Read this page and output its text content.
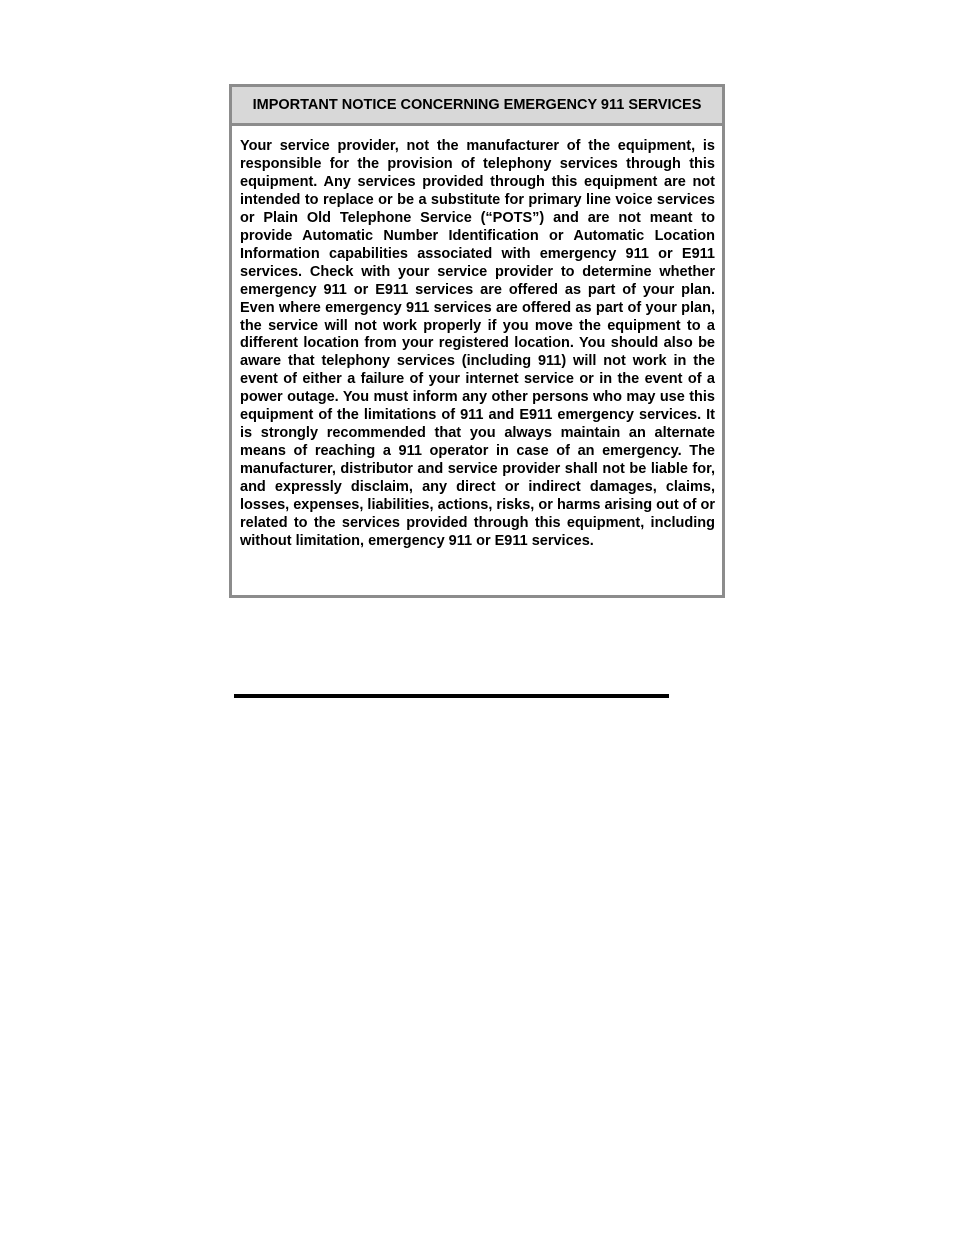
IMPORTANT NOTICE CONCERNING EMERGENCY 911 SERVICES

Your service provider, not the manufacturer of the equipment, is responsible for the provision of telephony services through this equipment. Any services provided through this equipment are not intended to replace or be a substitute for primary line voice services or Plain Old Telephone Service (“POTS”) and are not meant to provide Automatic Number Identification or Automatic Location Information capabilities associated with emergency 911 or E911 services. Check with your service provider to determine whether emergency 911 or E911 services are offered as part of your plan. Even where emergency 911 services are offered as part of your plan, the service will not work properly if you move the equipment to a different location from your registered location. You should also be aware that telephony services (including 911) will not work in the event of either a failure of your internet service or in the event of a power outage. You must inform any other persons who may use this equipment of the limitations of 911 and E911 emergency services. It is strongly recommended that you always maintain an alternate means of reaching a 911 operator in case of an emergency. The manufacturer, distributor and service provider shall not be liable for, and expressly disclaim, any direct or indirect damages, claims, losses, expenses, liabilities, actions, risks, or harms arising out of or related to the services provided through this equipment, including without limitation, emergency 911 or E911 services.
